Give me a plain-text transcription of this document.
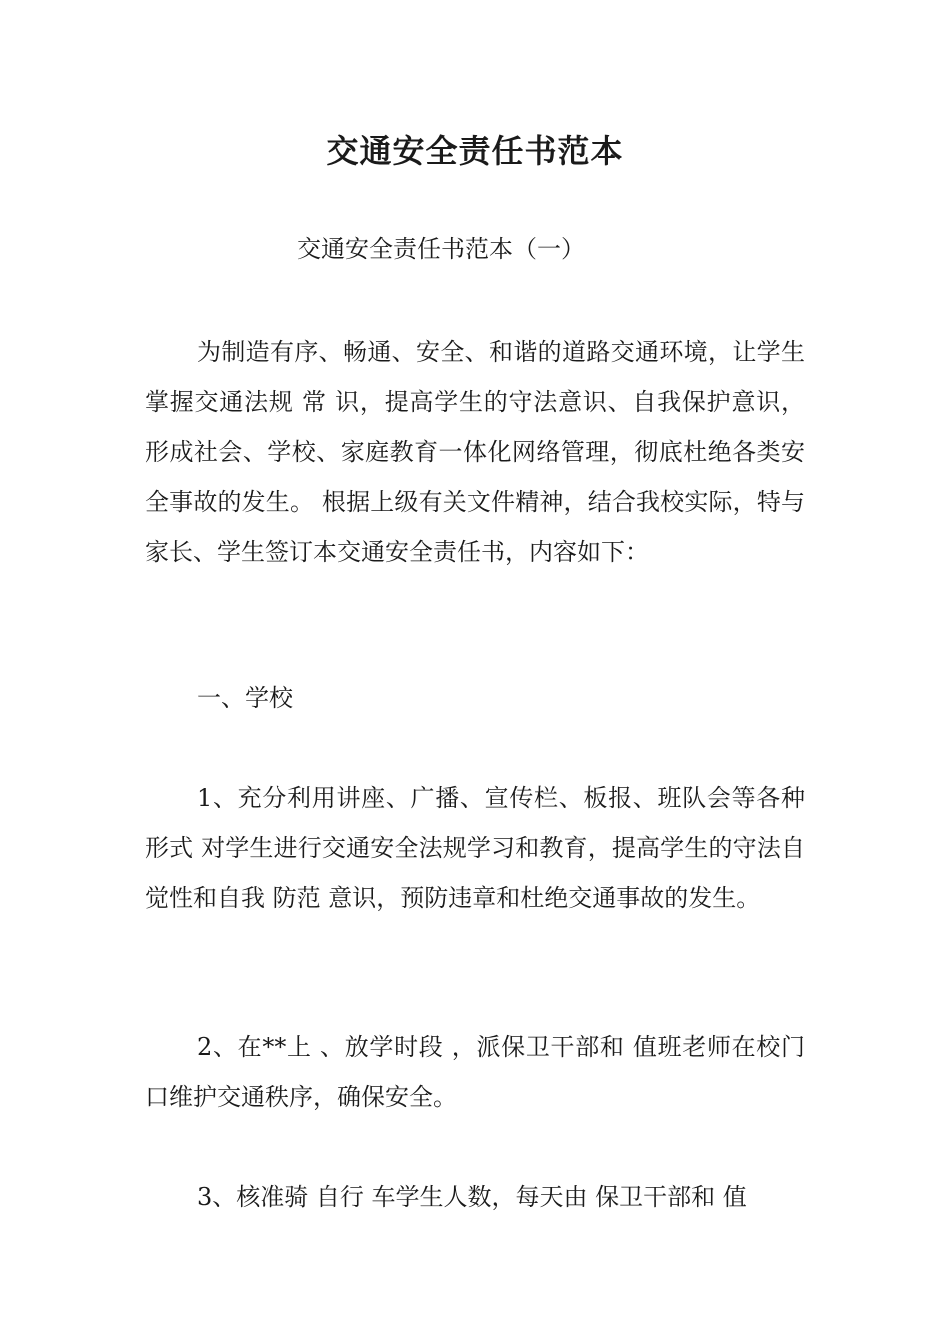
交通安全责任书范本

交通安全责任书范本（一）

为制造有序、畅通、安全、和谐的道路交通环境，让学生掌握交通法规 常 识，提高学生的守法意识、自我保护意识， 形成社会、学校、家庭教育一体化网络管理，彻底杜绝各类安全事故的发生。 根据上级有关文件精神，结合我校实际，特与家长、学生签订本交通安全责任书，内容如下：

一、学校

1、充分利用讲座、广播、宣传栏、板报、班队会等各种形式 对学生进行交通安全法规学习和教育，提高学生的守法自觉性和自我 防范 意识，预防违章和杜绝交通事故的发生。

2、在**上 、放学时段 ，派保卫干部和 值班老师在校门口维护交通秩序，确保安全。

3、核准骑 自行 车学生人数，每天由 保卫干部和 值
